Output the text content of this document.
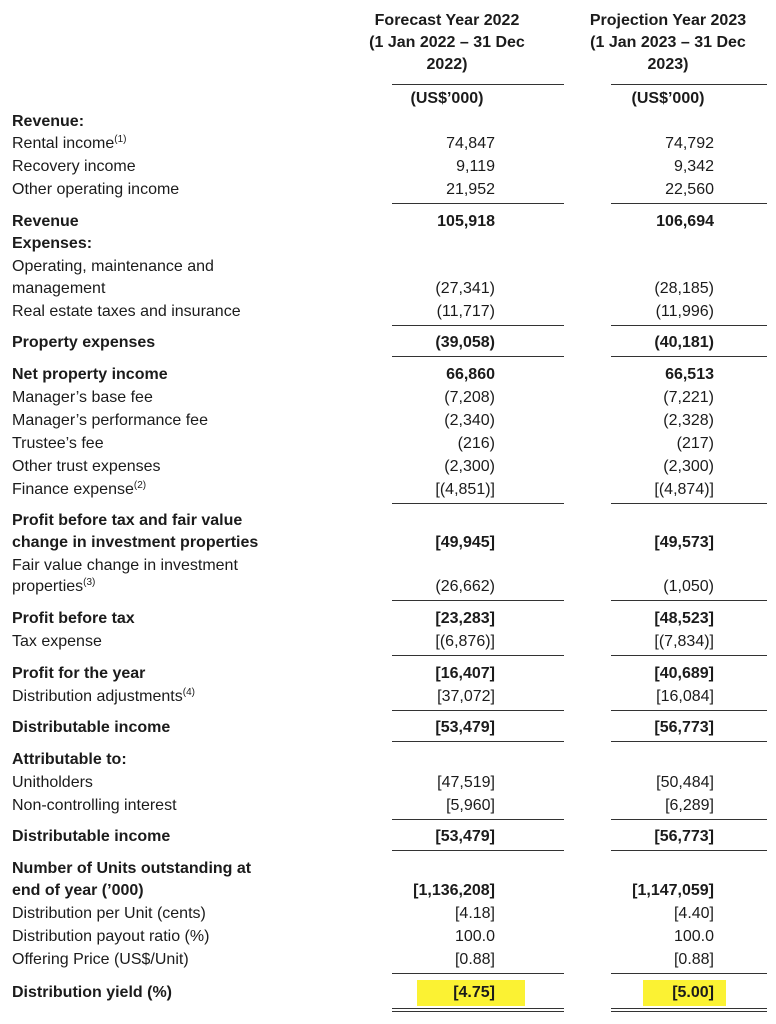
Forecast Year 2022
(1 Jan 2022 – 31 Dec
2022)
Projection Year 2023
(1 Jan 2023 – 31 Dec
2023)
(US$’000)	(US$’000)
Revenue:
Rental income$^{(1)}$	74,847	74,792
Recovery income	9,119	9,342
Other operating income	21,952	22,560
Revenue	105,918	106,694
Expenses:
Operating, maintenance and
management	(27,341)	(28,185)
Real estate taxes and insurance	(11,717)	(11,996)
Property expenses	(39,058)	(40,181)
Net property income	66,860	66,513
Manager’s base fee	(7,208)	(7,221)
Manager’s performance fee	(2,340)	(2,328)
Trustee’s fee	(216)	(217)
Other trust expenses	(2,300)	(2,300)
Finance expense$^{(2)}$	[(4,851)]	[(4,874)]
Profit before tax and fair value
change in investment properties	[49,945]	[49,573]
Fair value change in investment
properties$^{(3)}$	(26,662)	(1,050)
Profit before tax	[23,283]	[48,523]
Tax expense	[(6,876)]	[(7,834)]
Profit for the year	[16,407]	[40,689]
Distribution adjustments$^{(4)}$	[37,072]	[16,084]
Distributable income	[53,479]	[56,773]
Attributable to:
Unitholders	[47,519]	[50,484]
Non-controlling interest	[5,960]	[6,289]
Distributable income	[53,479]	[56,773]
Number of Units outstanding at
end of year (’000)	[1,136,208]	[1,147,059]
Distribution per Unit (cents)	[4.18]	[4.40]
Distribution payout ratio (%)	100.0	100.0
Offering Price (US$/Unit)	[0.88]	[0.88]
Distribution yield (%)	[4.75]	[5.00]
